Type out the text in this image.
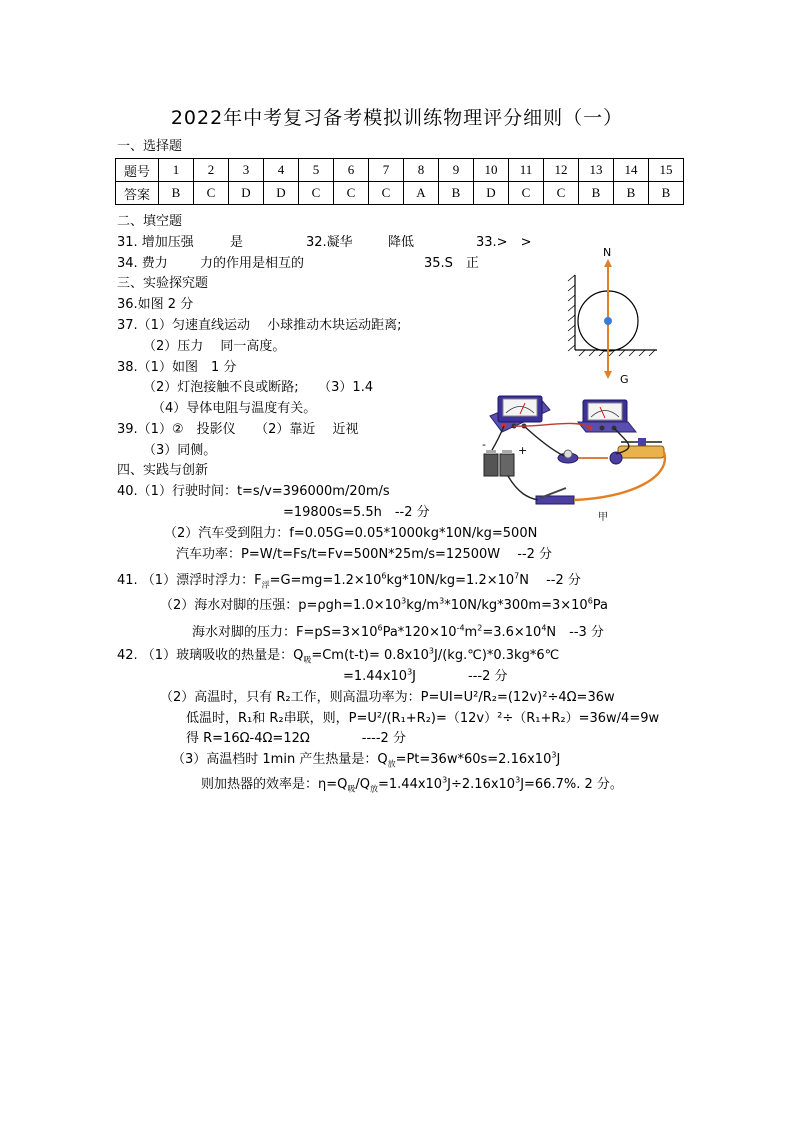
2022年中考复习备考模拟训练物理评分细则（一）
一、选择题
题号	1	2	3	4	5	6	7	8	9	10	11	12	13	14	15
答案	B	C	D	D	C	C	C	A	B	D	C	C	B	B	B
二、填空题
31. 增加压强	是	32.凝华	降低	33.>　>
34. 费力 力的作用是相互的	35.S　正
三、实验探究题
36.如图 2 分
37.（1）匀速直线运动　 小球推动木块运动距离;
（2）压力　 同一高度。
38.（1）如图　1 分
（2）灯泡接触不良或断路;　　（3）1.4
（4）导体电阻与温度有关。
39.（1）②　投影仪　　（2）靠近　 近视
（3）同侧。
四、实践与创新
40.（1）行驶时间：t=s/v=396000m/20m/s
=19800s=5.5h　--2 分
（2）汽车受到阻力：f=0.05G=0.05*1000kg*10N/kg=500N
汽车功率：P=W/t=Fs/t=Fv=500N*25m/s=12500W　 --2 分
41. （1）漂浮时浮力：$F_浮=G=mg=1.2\times 10^6kg*10N/kg=1.2\times 10^7N$　 --2 分
（2）海水对脚的压强：$p=\rho gh=1.0\times 10^3kg/m^3*10N/kg*300m=3\times 10^6Pa$
海水对脚的压力：$F=pS=3\times 10^6Pa*120\times 10^{-4}m^2=3.6\times 10^4N$　--3 分
42. （1）玻璃吸收的热量是：$Q_吸=Cm(t-t)=$ $0.8x10^3J/(kg.℃)*0.3kg*6℃$
$=1.44x10^3J$　　　　---2 分
（2）高温时，只有 R₂工作，则高温功率为：P=UI=U²/R₂=(12v)²÷4Ω=36w
低温时，R₁和 R₂串联，则，P=U²/(R₁+R₂)=（12v）²÷（R₁+R₂）=36w/4=9w
得 R=16Ω-4Ω=12Ω　　　　----2 分
（3）高温档时 1min 产生热量是：$Q_放=Pt=36w*60s=2.16x10^3J$
则加热器的效率是：$\eta=Q_吸/Q_放=1.44x10^3J\div 2.16x10^3J=66.7\%$. 2 分。
N
G
-	+
甲
